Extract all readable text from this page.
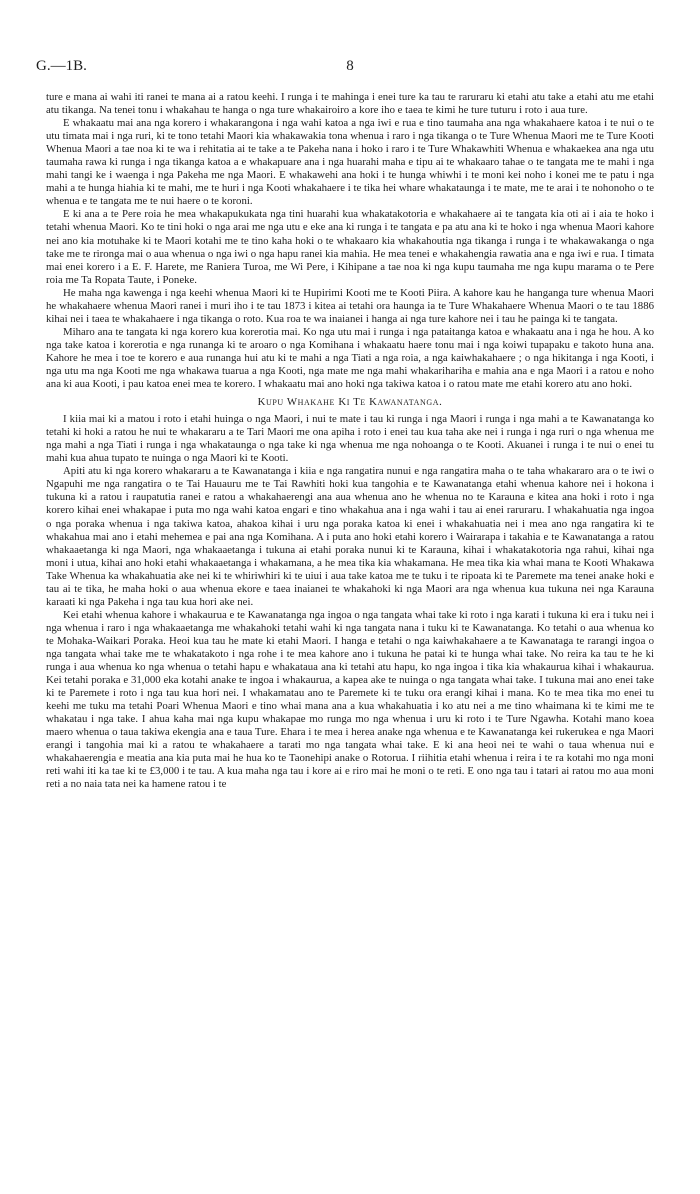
G.—1B.	8

ture e mana ai wahi iti ranei te mana ai a ratou keehi. I runga i te mahinga i enei ture ka tau te raruraru ki etahi atu take a etahi atu me etahi atu tikanga. Na tenei tonu i whakahau te hanga o nga ture whakairoiro a kore iho e taea te kimi he ture tuturu i roto i aua ture.

E whakaatu mai ana nga korero i whakarangona i nga wahi katoa a nga iwi e rua e tino taumaha ana nga whakahaere katoa i te nui o te utu timata mai i nga ruri, ki te tono tetahi Maori kia whakawakia tona whenua i raro i nga tikanga o te Ture Whenua Maori me te Ture Kooti Whenua Maori a tae noa ki te wa i rehitatia ai te take a te Pakeha nana i hoko i raro i te Ture Whakawhiti Whenua e whakaekea ana nga utu taumaha rawa ki runga i nga tikanga katoa a e whakapuare ana i nga huarahi maha e tipu ai te whakaaro tahae o te tangata me te mahi i nga mahi tangi ke i waenga i nga Pakeha me nga Maori. E whakawehi ana hoki i te hunga whiwhi i te moni kei noho i konei me te patu i nga mahi a te hunga hiahia ki te mahi, me te huri i nga Kooti whakahaere i te tika hei whare whakataunga i te mate, me te arai i te nohonoho o te whenua e te tangata me te nui haere o te koroni.

E ki ana a te Pere roia he mea whakapukukata nga tini huarahi kua whakatakotoria e whakahaere ai te tangata kia oti ai i aia te hoko i tetahi whenua Maori. Ko te tini hoki o nga arai me nga utu e eke ana ki runga i te tangata e pa atu ana ki te hoko i nga whenua Maori kahore nei ano kia motuhake ki te Maori kotahi me te tino kaha hoki o te whakaaro kia whakahoutia nga tikanga i runga i te whakawakanga o nga take me te rironga mai o aua whenua o nga iwi o nga hapu ranei kia mahia. He mea tenei e whakahengia rawatia ana e nga iwi e rua. I timata mai enei korero i a E. F. Harete, me Raniera Turoa, me Wi Pere, i Kihipane a tae noa ki nga kupu taumaha me nga kupu marama o te Pere roia me Ta Ropata Taute, i Poneke.

He maha nga kawenga i nga keehi whenua Maori ki te Hupirimi Kooti me te Kooti Piira. A kahore kau he hanganga ture whenua Maori he whakahaere whenua Maori ranei i muri iho i te tau 1873 i kitea ai tetahi ora haunga ia te Ture Whakahaere Whenua Maori o te tau 1886 kihai nei i taea te whakahaere i nga tikanga o roto. Kua roa te wa inaianei i hanga ai nga ture kahore nei i tau he painga ki te tangata.

Miharo ana te tangata ki nga korero kua korerotia mai. Ko nga utu mai i runga i nga pataitanga katoa e whakaatu ana i nga he hou. A ko nga take katoa i korerotia e nga runanga ki te aroaro o nga Komihana i whakaatu haere tonu mai i nga koiwi tupapaku e takoto huna ana. Kahore he mea i toe te korero e aua runanga hui atu ki te mahi a nga Tiati a nga roia, a nga kaiwhakahaere ; o nga hikitanga i nga Kooti, i nga utu ma nga Kooti me nga whakawa tuarua a nga Kooti, nga mate me nga mahi whakarihariha e mahia ana e nga Maori i a ratou e noho ana ki aua Kooti, i pau katoa enei mea te korero. I whakaatu mai ano hoki nga takiwa katoa i o ratou mate me etahi korero atu ano hoki.

Kupu Whakahe Ki Te Kawanatanga.

I kiia mai ki a matou i roto i etahi huinga o nga Maori, i nui te mate i tau ki runga i nga Maori i runga i nga mahi a te Kawanatanga ko tetahi ki hoki a ratou he nui te whakararu a te Tari Maori me ona apiha i roto i enei tau kua taha ake nei i runga i nga ruri o nga whenua me nga mahi a nga Tiati i runga i nga whakataunga o nga take ki nga whenua me nga nohoanga o te Kooti. Akuanei i runga i te nui o enei tu mahi kua ahua tupato te nuinga o nga Maori ki te Kooti.

Apiti atu ki nga korero whakararu a te Kawanatanga i kiia e nga rangatira nunui e nga rangatira maha o te taha whakararo ara o te iwi o Ngapuhi me nga rangatira o te Tai Hauauru me te Tai Rawhiti hoki kua tangohia e te Kawanatanga etahi whenua kahore nei i hokona i tukuna ki a ratou i raupatutia ranei e ratou a whakahaerengi ana aua whenua ano he whenua no te Karauna e kitea ana hoki i roto i nga korero kihai enei whakapae i puta mo nga wahi katoa engari e tino whakahua ana i nga wahi i tau ai enei raruraru. I whakahuatia nga ingoa o nga poraka whenua i nga takiwa katoa, ahakoa kihai i uru nga poraka katoa ki enei i whakahuatia nei i mea ano nga rangatira ki te whakahua mai ano i etahi mehemea e pai ana nga Komihana. A i puta ano hoki etahi korero i Wairarapa i takahia e te Kawanatanga a ratou whakaaetanga ki nga Maori, nga whakaaetanga i tukuna ai etahi poraka nunui ki te Karauna, kihai i whakatakotoria nga rahui, kihai nga moni i utua, kihai ano hoki etahi whakaaetanga i whakamana, a he mea tika kia whakamana. He mea tika kia whai mana te Kooti Whakawa Take Whenua ka whakahuatia ake nei ki te whiriwhiri ki te uiui i aua take katoa me te tuku i te ripoata ki te Paremete ma tenei anake hoki e tau ai te tika, he maha hoki o aua whenua ekore e taea inaianei te whakahoki ki nga Maori ara nga whenua kua tukuna nei nga Karauna karaati ki nga Pakeha i nga tau kua hori ake nei.

Kei etahi whenua kahore i whakaurua e te Kawanatanga nga ingoa o nga tangata whai take ki roto i nga karati i tukuna ki era i tuku nei i nga whenua i raro i nga whakaaetanga me whakahoki tetahi wahi ki nga tangata nana i tuku ki te Kawanatanga. Ko tetahi o aua whenua ko te Mohaka-Waikari Poraka. Heoi kua tau he mate ki etahi Maori. I hanga e tetahi o nga kaiwhakahaere a te Kawanataga te rarangi ingoa o nga tangata whai take me te whakatakoto i nga rohe i te mea kahore ano i tukuna he patai ki te hunga whai take. No reira ka tau te he ki runga i aua whenua ko nga whenua o tetahi hapu e whakataua ana ki tetahi atu hapu, ko nga ingoa i tika kia whakaurua kihai i whakaurua. Kei tetahi poraka e 31,000 eka kotahi anake te ingoa i whakaurua, a kapea ake te nuinga o nga tangata whai take. I tukuna mai ano enei take ki te Paremete i roto i nga tau kua hori nei. I whakamatau ano te Paremete ki te tuku ora erangi kihai i mana. Ko te mea tika mo enei tu keehi me tuku ma tetahi Poari Whenua Maori e tino whai mana ana a kua whakahuatia i ko atu nei a me tino whaimana ki te kimi me te whakatau i nga take. I ahua kaha mai nga kupu whakapae mo runga mo nga whenua i uru ki roto i te Ture Ngawha. Kotahi mano koea maero whenua o taua takiwa ekengia ana e taua Ture. Ehara i te mea i herea anake nga whenua e te Kawanatanga kei rukerukea e nga Maori erangi i tangohia mai ki a ratou te whakahaere a tarati mo nga tangata whai take. E ki ana heoi nei te wahi o taua whenua nui e whakahaerengia e meatia ana kia puta mai he hua ko te Taonehipi anake o Rotorua. I riihitia etahi whenua i reira i te ra kotahi mo nga moni reti wahi iti ka tae ki te £3,000 i te tau. A kua maha nga tau i kore ai e riro mai he moni o te reti. E ono nga tau i tatari ai ratou mo aua moni reti a no naia tata nei ka hamene ratou i te
